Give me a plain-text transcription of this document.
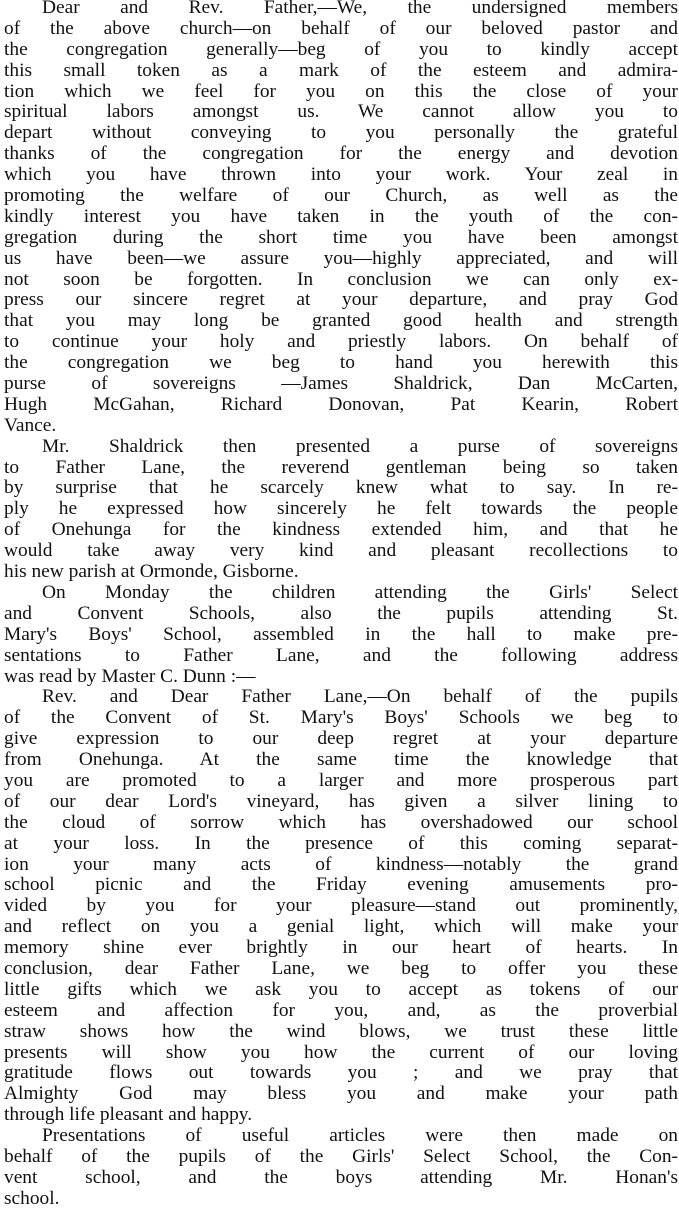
Dear and Rev. Father,—We, the undersigned members
of the above church—on behalf of our beloved pastor and
the congregation generally—beg of you to kindly accept
this small token as a mark of the esteem and admira-
tion which we feel for you on this the close of your
spiritual labors amongst us. We cannot allow you to
depart without conveying to you personally the grateful
thanks of the congregation for the energy and devotion
which you have thrown into your work. Your zeal in
promoting the welfare of our Church, as well as the
kindly interest you have taken in the youth of the con-
gregation during the short time you have been amongst
us have been—we assure you—highly appreciated, and will
not soon be forgotten. In conclusion we can only ex-
press our sincere regret at your departure, and pray God
that you may long be granted good health and strength
to continue your holy and priestly labors. On behalf of
the congregation we beg to hand you herewith this
purse of sovereigns —James Shaldrick, Dan McCarten,
Hugh McGahan, Richard Donovan, Pat Kearin, Robert
Vance.
Mr. Shaldrick then presented a purse of sovereigns
to Father Lane, the reverend gentleman being so taken
by surprise that he scarcely knew what to say. In re-
ply he expressed how sincerely he felt towards the people
of Onehunga for the kindness extended him, and that he
would take away very kind and pleasant recollections to
his new parish at Ormonde, Gisborne.
On Monday the children attending the Girls' Select
and Convent Schools, also the pupils attending St.
Mary's Boys' School, assembled in the hall to make pre-
sentations to Father Lane, and the following address
was read by Master C. Dunn :—
Rev. and Dear Father Lane,—On behalf of the pupils
of the Convent of St. Mary's Boys' Schools we beg to
give expression to our deep regret at your departure
from Onehunga. At the same time the knowledge that
you are promoted to a larger and more prosperous part
of our dear Lord's vineyard, has given a silver lining to
the cloud of sorrow which has overshadowed our school
at your loss. In the presence of this coming separat-
ion your many acts of kindness—notably the grand
school picnic and the Friday evening amusements pro-
vided by you for your pleasure—stand out prominently,
and reflect on you a genial light, which will make your
memory shine ever brightly in our heart of hearts. In
conclusion, dear Father Lane, we beg to offer you these
little gifts which we ask you to accept as tokens of our
esteem and affection for you, and, as the proverbial
straw shows how the wind blows, we trust these little
presents will show you how the current of our loving
gratitude flows out towards you ; and we pray that
Almighty God may bless you and make your path
through life pleasant and happy.
Presentations of useful articles were then made on
behalf of the pupils of the Girls' Select School, the Con-
vent school, and the boys attending Mr. Honan's
school.
